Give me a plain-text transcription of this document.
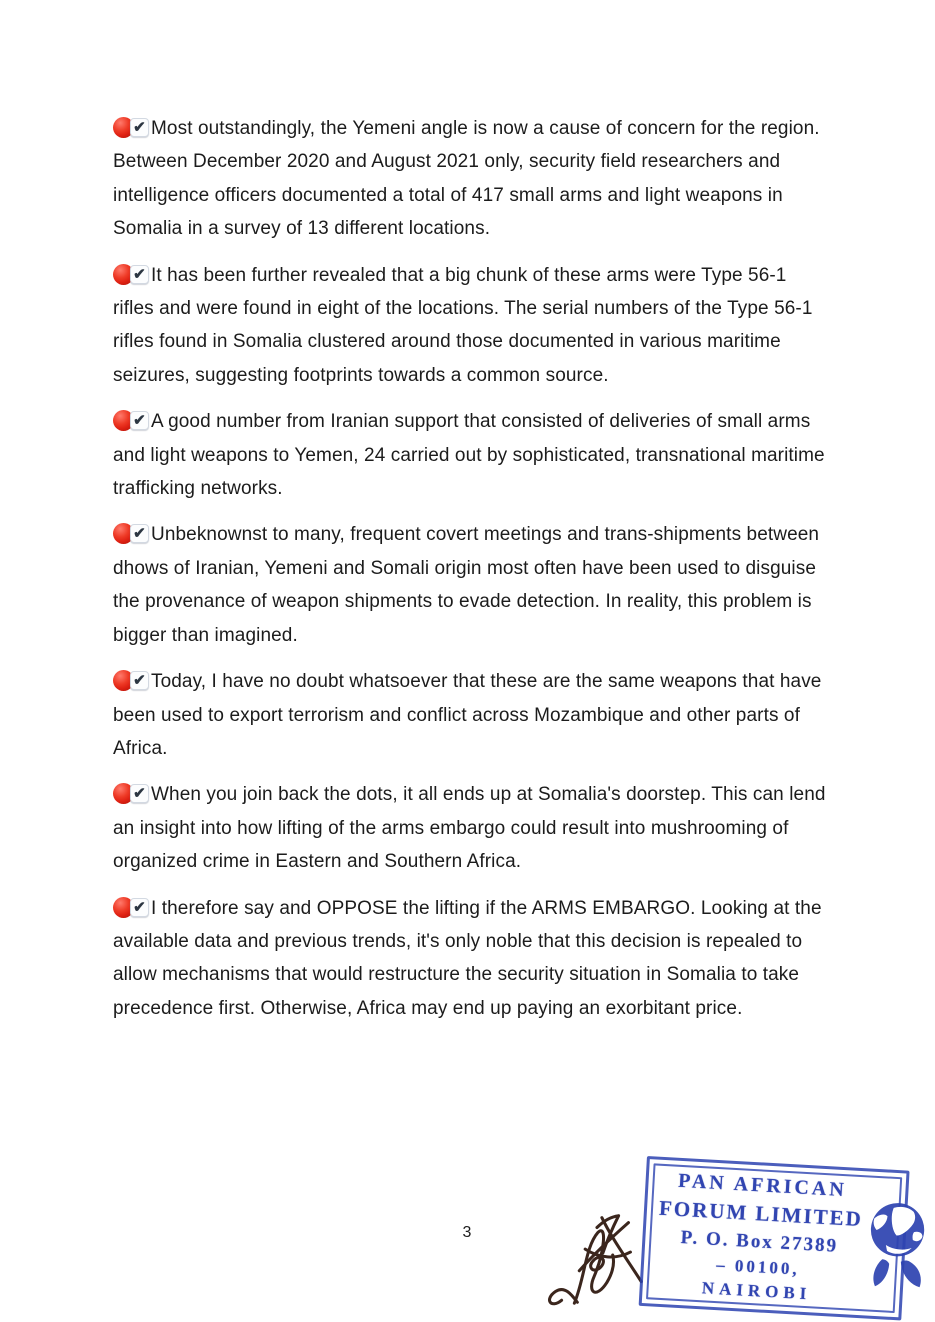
✔ Most outstandingly, the Yemeni angle is now a cause of concern for the region. Between December 2020 and August 2021 only, security field researchers and intelligence officers documented a total of 417 small arms and light weapons in Somalia in a survey of 13 different locations.

✔ It has been further revealed that a big chunk of these arms were Type 56-1 rifles and were found in eight of the locations. The serial numbers of the Type 56-1 rifles found in Somalia clustered around those documented in various maritime seizures, suggesting footprints towards a common source.

✔ A good number from Iranian support that consisted of deliveries of small arms and light weapons to Yemen, 24 carried out by sophisticated, transnational maritime trafficking networks.

✔ Unbeknownst to many, frequent covert meetings and trans-shipments between dhows of Iranian, Yemeni and Somali origin most often have been used to disguise the provenance of weapon shipments to evade detection. In reality, this problem is bigger than imagined.

✔ Today, I have no doubt whatsoever that these are the same weapons that have been used to export terrorism and conflict across Mozambique and other parts of Africa.

✔ When you join back the dots, it all ends up at Somalia's doorstep. This can lend an insight into how lifting of the arms embargo could result into mushrooming of organized crime in Eastern and Southern Africa.

✔ I therefore say and OPPOSE the lifting if the ARMS EMBARGO. Looking at the available data and previous trends, it's only noble that this decision is repealed to allow mechanisms that would restructure the security situation in Somalia to take precedence first. Otherwise, Africa may end up paying an exorbitant price.

3
PAN AFRICAN
FORUM LIMITED
P. O. Box 27389
– 00100,
NAIROBI
